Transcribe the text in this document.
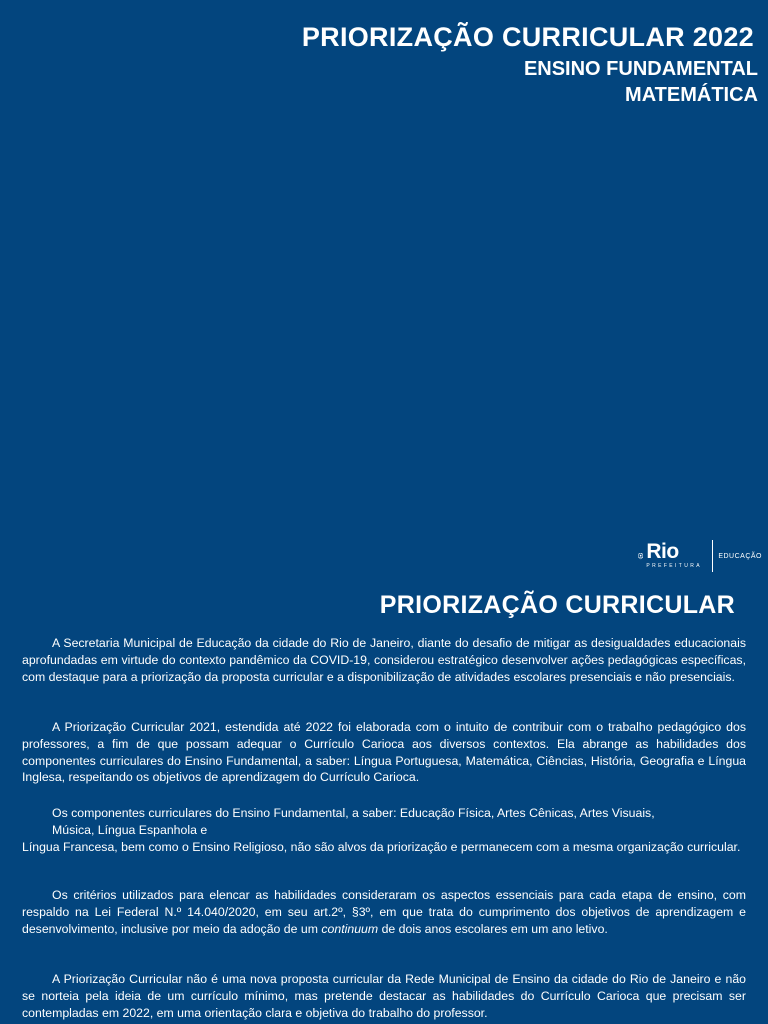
PRIORIZAÇÃO CURRICULAR 2022
ENSINO FUNDAMENTAL
MATEMÁTICA
Rio
PREFEITURA
EDUCAÇÃO
PRIORIZAÇÃO CURRICULAR

A Secretaria Municipal de Educação da cidade do Rio de Janeiro, diante do desafio de mitigar as desigualdades educacionais aprofundadas em virtude do contexto pandêmico da COVID-19, considerou estratégico desenvolver ações pedagógicas específicas, com destaque para a priorização da proposta curricular e a disponibilização de atividades escolares presenciais e não presenciais.

A Priorização Curricular 2021, estendida até 2022 foi elaborada com o intuito de contribuir com o trabalho pedagógico dos professores, a fim de que possam adequar o Currículo Carioca aos diversos contextos. Ela abrange as habilidades dos componentes curriculares do Ensino Fundamental, a saber: Língua Portuguesa, Matemática, Ciências, História, Geografia e Língua Inglesa, respeitando os objetivos de aprendizagem do Currículo Carioca.

Os componentes curriculares do Ensino Fundamental, a saber: Educação Física, Artes Cênicas, Artes Visuais,
Música, Língua Espanhola e

Língua Francesa, bem como o Ensino Religioso, não são alvos da priorização e permanecem com a mesma organização curricular.

Os critérios utilizados para elencar as habilidades consideraram os aspectos essenciais para cada etapa de ensino, com respaldo na Lei Federal N.º 14.040/2020, em seu art.2º, §3º, em que trata do cumprimento dos objetivos de aprendizagem e desenvolvimento, inclusive por meio da adoção de um continuum de dois anos escolares em um ano letivo.

A Priorização Curricular não é uma nova proposta curricular da Rede Municipal de Ensino da cidade do Rio de Janeiro e não se norteia pela ideia de um currículo mínimo, mas pretende destacar as habilidades do Currículo Carioca que precisam ser contempladas em 2022, em uma orientação clara e objetiva do trabalho do professor.
